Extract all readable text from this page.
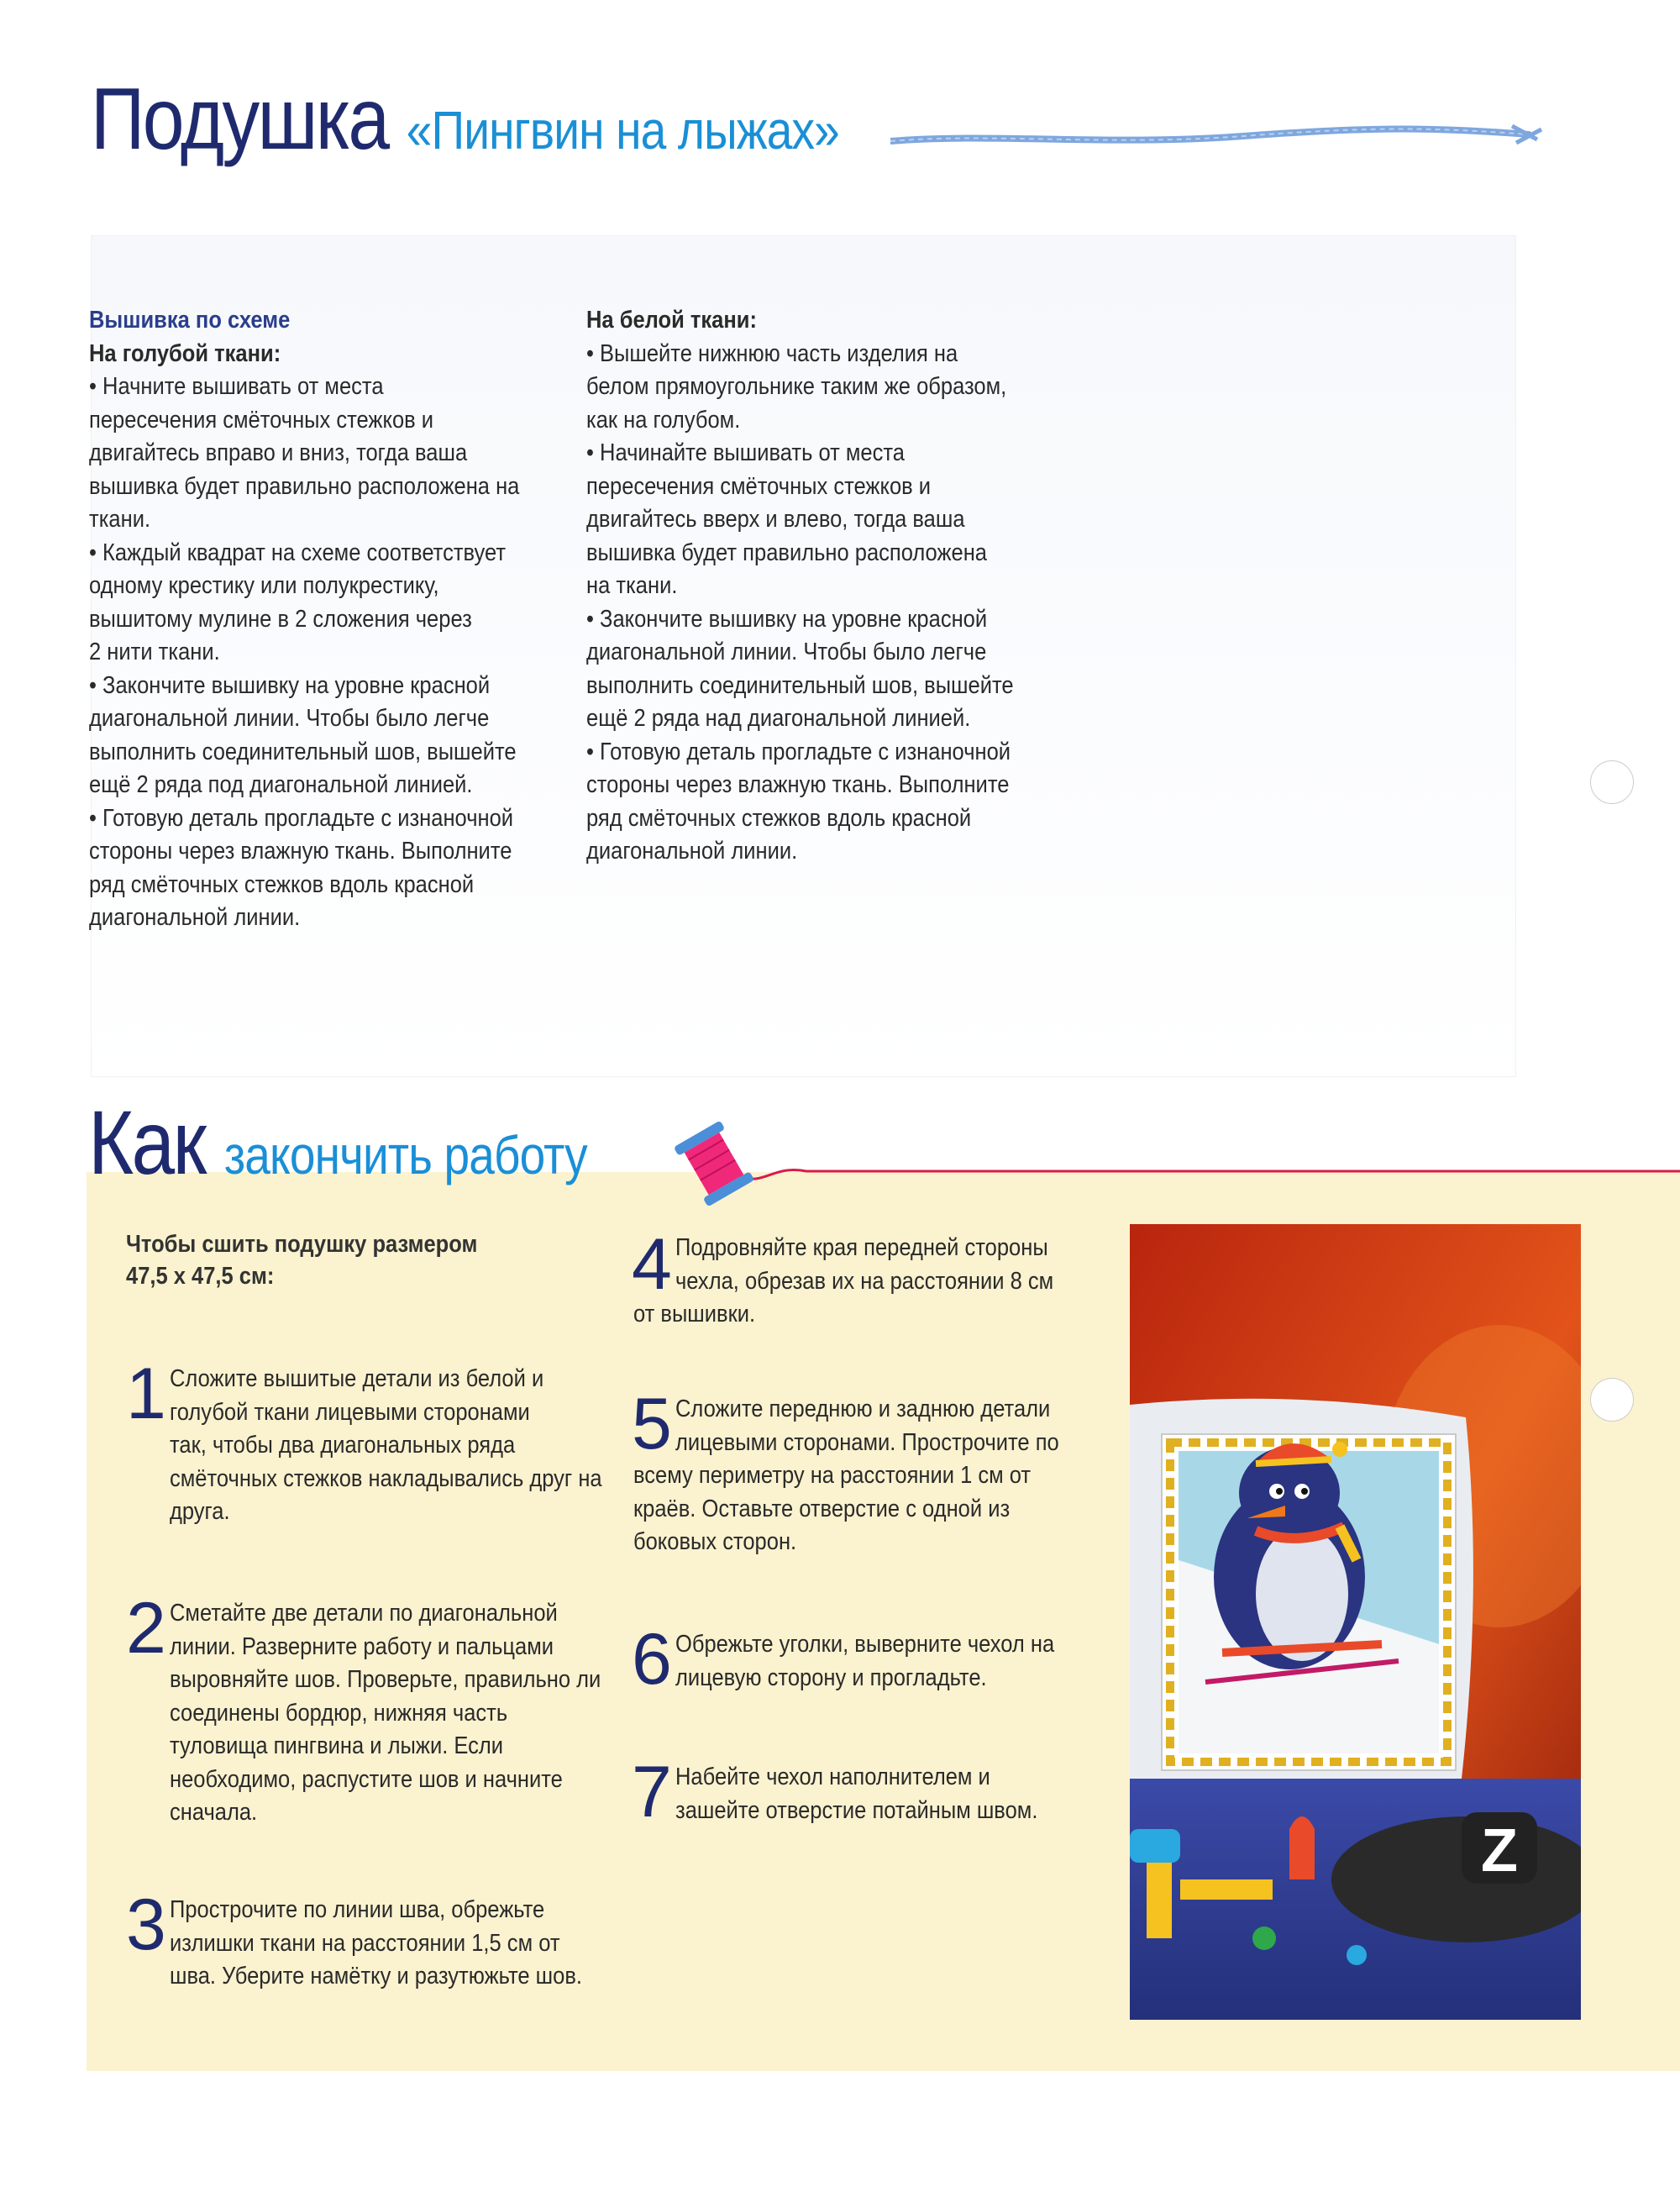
Подушка «Пингвин на лыжах»

Вышивка по схеме

На голубой ткани:

• Начните вышивать от места

пересечения смёточных стежков и

двигайтесь вправо и вниз, тогда ваша

вышивка будет правильно расположена на

ткани.

• Каждый квадрат на схеме соответствует

одному крестику или полукрестику,

вышитому мулине в 2 сложения через

2 нити ткани.

• Закончите вышивку на уровне красной

диагональной линии. Чтобы было легче

выполнить соединительный шов, вышейте

ещё 2 ряда под диагональной линией.

• Готовую деталь прогладьте с изнаночной

стороны через влажную ткань. Выполните

ряд смёточных стежков вдоль красной

диагональной линии.

На белой ткани:

• Вышейте нижнюю часть изделия на

белом прямоугольнике таким же образом,

как на голубом.

• Начинайте вышивать от места

пересечения смёточных стежков и

двигайтесь вверх и влево, тогда ваша

вышивка будет правильно расположена

на ткани.

• Закончите вышивку на уровне красной

диагональной линии. Чтобы было легче

выполнить соединительный шов, вышейте

ещё 2 ряда над диагональной линией.

• Готовую деталь прогладьте с изнаночной

стороны через влажную ткань. Выполните

ряд смёточных стежков вдоль красной

диагональной линии.

Как закончить работу
Чтобы сшить подушку размером
47,5 х 47,5 см:
1 Сложите вышитые детали из белой и
голубой ткани лицевыми сторонами
так, чтобы два диагональных ряда
смёточных стежков накладывались друг на
друга.
2 Сметайте две детали по диагональной
линии. Разверните работу и пальцами
выровняйте шов. Проверьте, правильно ли
соединены бордюр, нижняя часть
туловища пингвина и лыжи. Если
необходимо, распустите шов и начните
сначала.
3 Прострочите по линии шва, обрежьте
излишки ткани на расстоянии 1,5 см от
шва. Уберите намётку и разутюжьте шов.
4 Подровняйте края передней стороны
чехла, обрезав их на расстоянии 8 см
от вышивки.
5 Сложите переднюю и заднюю детали
лицевыми сторонами. Прострочите по
всему периметру на расстоянии 1 см от
краёв. Оставьте отверстие с одной из
боковых сторон.
6 Обрежьте уголки, выверните чехол на
лицевую сторону и прогладьте.
7 Набейте чехол наполнителем и
зашейте отверстие потайным швом.
Z
